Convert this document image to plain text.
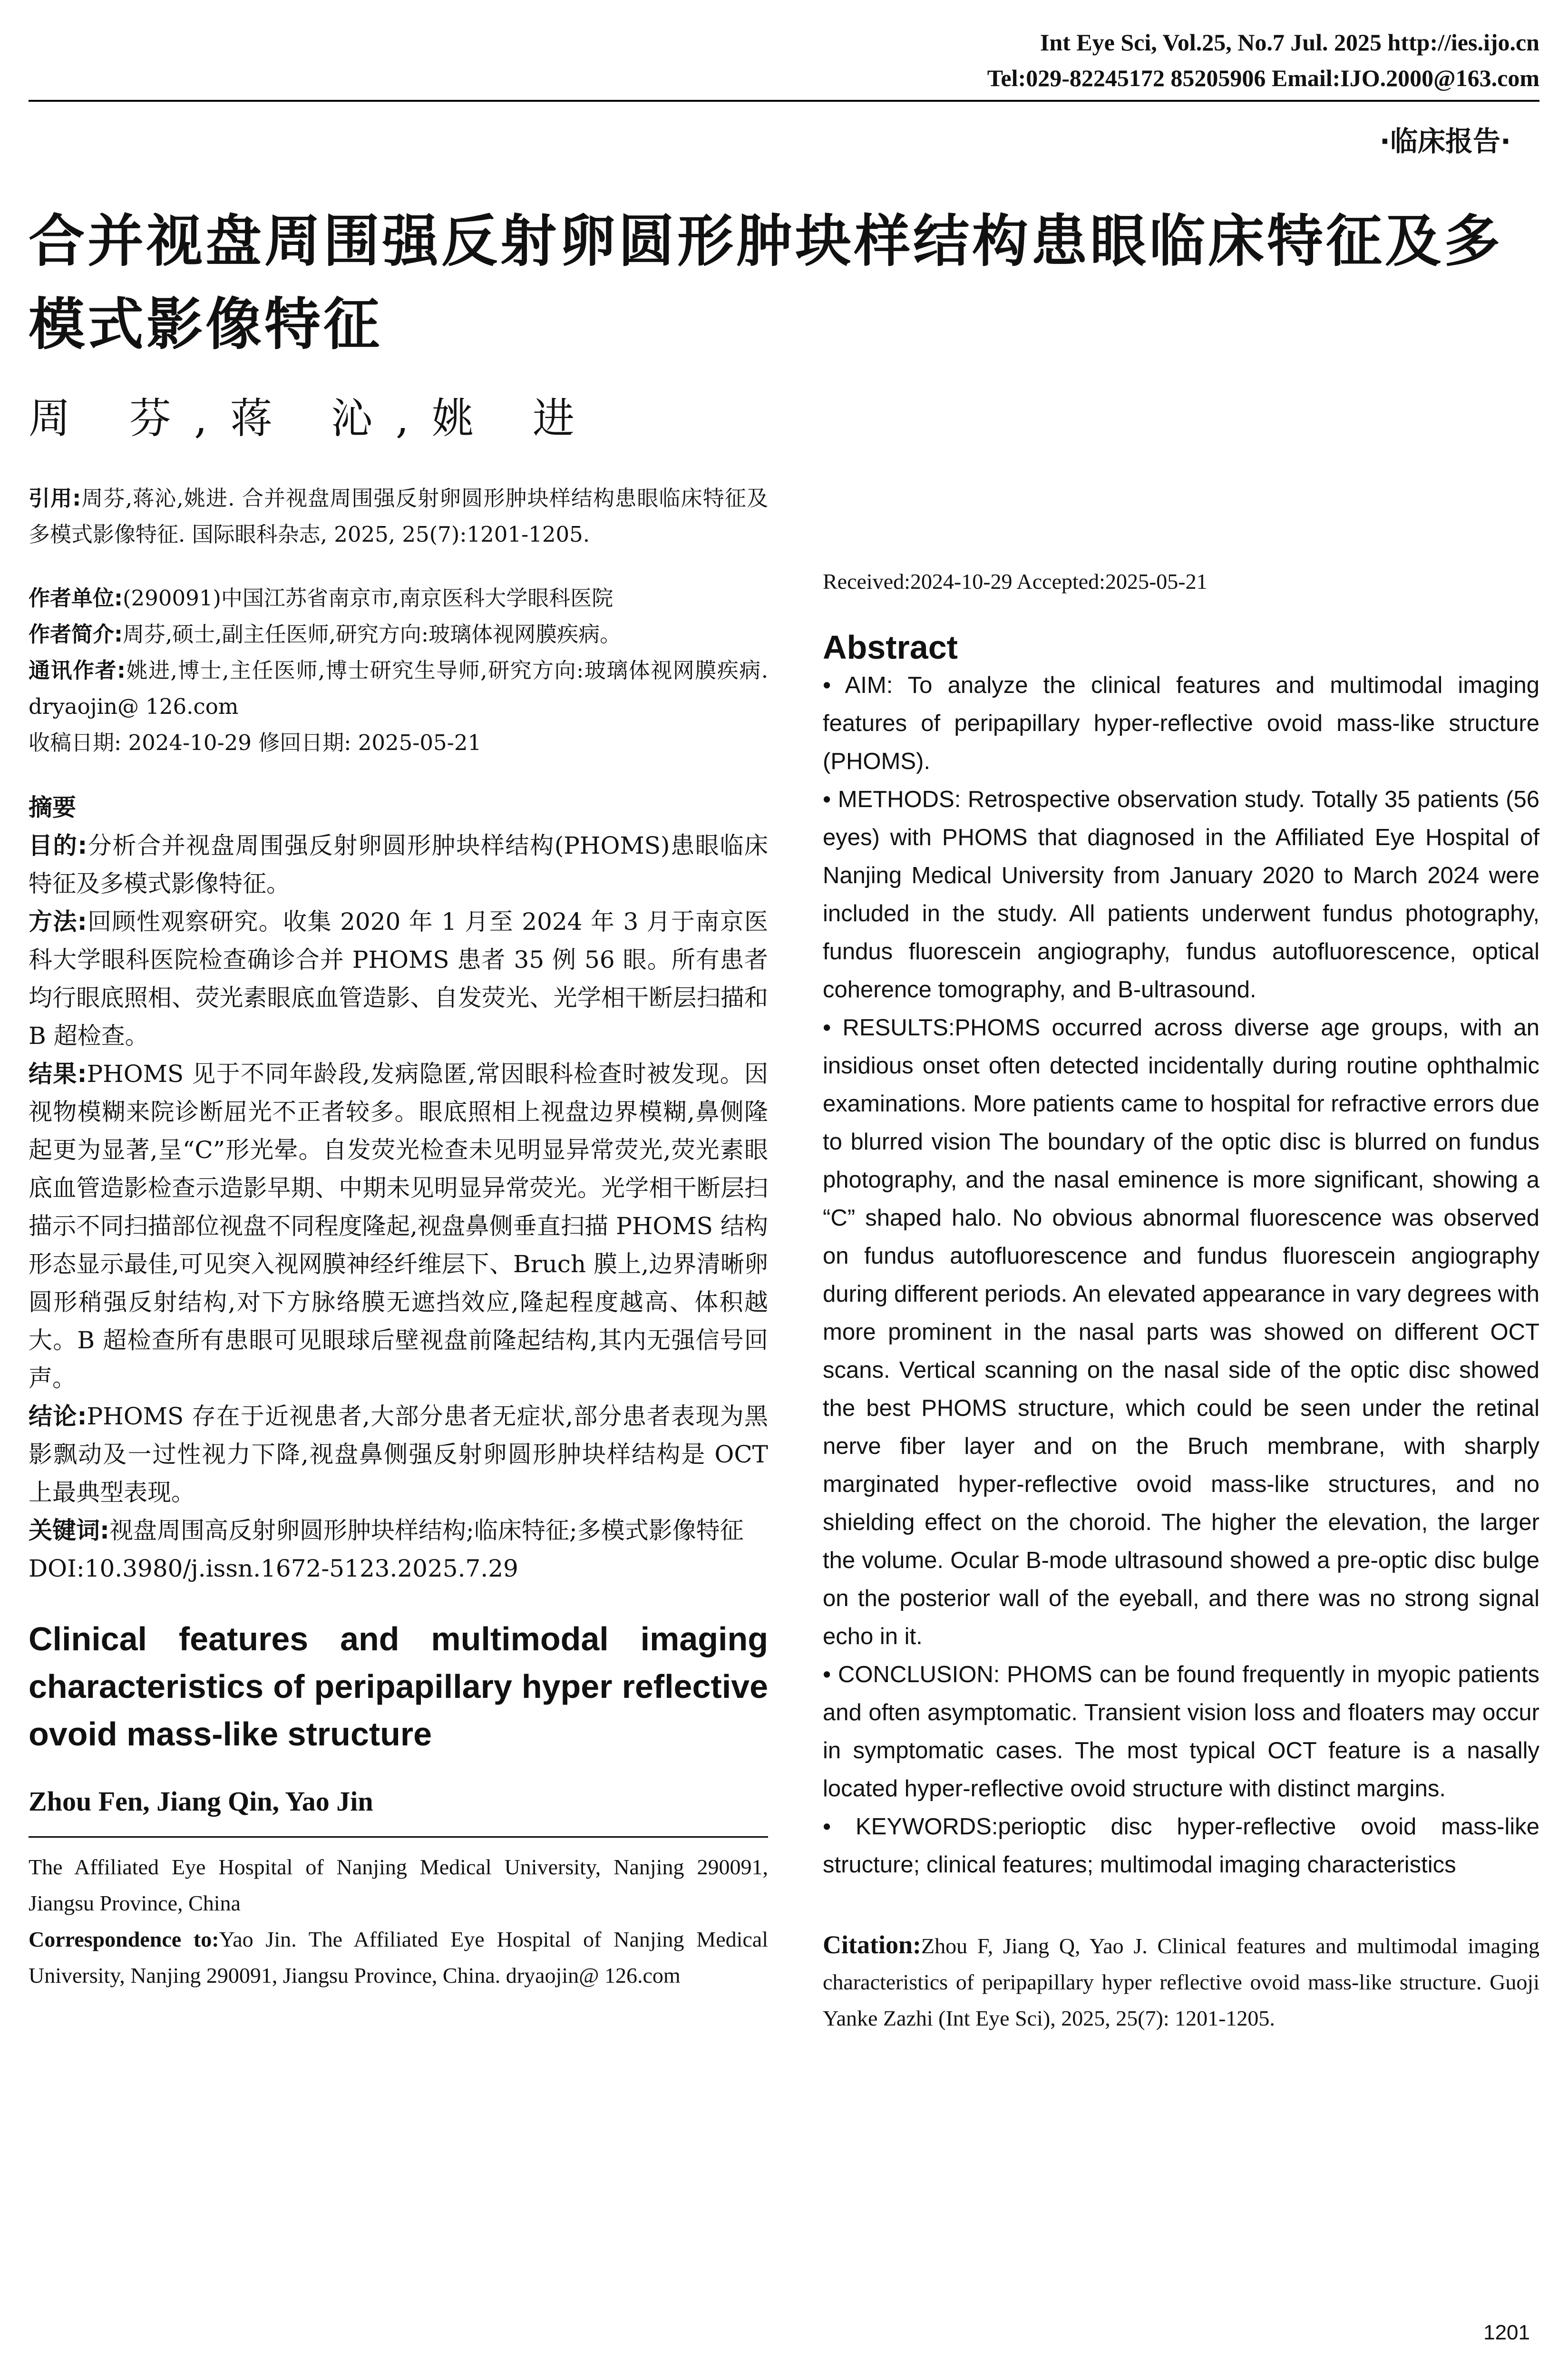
Int Eye Sci, Vol.25, No.7 Jul. 2025 http://ies.ijo.cn
Tel:029-82245172 85205906 Email:IJO.2000@163.com
·临床报告·
合并视盘周围强反射卵圆形肿块样结构患眼临床特征及多模式影像特征
周 芬,蒋 沁,姚 进

引用:周芬,蒋沁,姚进. 合并视盘周围强反射卵圆形肿块样结构患眼临床特征及多模式影像特征. 国际眼科杂志, 2025, 25(7):1201-1205.

作者单位:(290091)中国江苏省南京市,南京医科大学眼科医院

作者简介:周芬,硕士,副主任医师,研究方向:玻璃体视网膜疾病。

通讯作者:姚进,博士,主任医师,博士研究生导师,研究方向:玻璃体视网膜疾病. dryaojin@ 126.com

收稿日期: 2024-10-29 修回日期: 2025-05-21

摘要

目的:分析合并视盘周围强反射卵圆形肿块样结构(PHOMS)患眼临床特征及多模式影像特征。

方法:回顾性观察研究。收集 2020 年 1 月至 2024 年 3 月于南京医科大学眼科医院检查确诊合并 PHOMS 患者 35 例 56 眼。所有患者均行眼底照相、荧光素眼底血管造影、自发荧光、光学相干断层扫描和 B 超检查。

结果:PHOMS 见于不同年龄段,发病隐匿,常因眼科检查时被发现。因视物模糊来院诊断屈光不正者较多。眼底照相上视盘边界模糊,鼻侧隆起更为显著,呈“C”形光晕。自发荧光检查未见明显异常荧光,荧光素眼底血管造影检查示造影早期、中期未见明显异常荧光。光学相干断层扫描示不同扫描部位视盘不同程度隆起,视盘鼻侧垂直扫描 PHOMS 结构形态显示最佳,可见突入视网膜神经纤维层下、Bruch 膜上,边界清晰卵圆形稍强反射结构,对下方脉络膜无遮挡效应,隆起程度越高、体积越大。B 超检查所有患眼可见眼球后壁视盘前隆起结构,其内无强信号回声。

结论:PHOMS 存在于近视患者,大部分患者无症状,部分患者表现为黑影飘动及一过性视力下降,视盘鼻侧强反射卵圆形肿块样结构是 OCT 上最典型表现。

关键词:视盘周围高反射卵圆形肿块样结构;临床特征;多模式影像特征

DOI:10.3980/j.issn.1672-5123.2025.7.29

Clinical features and multimodal imaging characteristics of peripapillary hyper reflective ovoid mass-like structure

Zhou Fen, Jiang Qin, Yao Jin

The Affiliated Eye Hospital of Nanjing Medical University, Nanjing 290091, Jiangsu Province, China

Correspondence to:Yao Jin. The Affiliated Eye Hospital of Nanjing Medical University, Nanjing 290091, Jiangsu Province, China. dryaojin@ 126.com

Received:2024-10-29 Accepted:2025-05-21

Abstract

• AIM: To analyze the clinical features and multimodal imaging features of peripapillary hyper-reflective ovoid mass-like structure (PHOMS).

• METHODS: Retrospective observation study. Totally 35 patients (56 eyes) with PHOMS that diagnosed in the Affiliated Eye Hospital of Nanjing Medical University from January 2020 to March 2024 were included in the study. All patients underwent fundus photography, fundus fluorescein angiography, fundus autofluorescence, optical coherence tomography, and B-ultrasound.

• RESULTS:PHOMS occurred across diverse age groups, with an insidious onset often detected incidentally during routine ophthalmic examinations. More patients came to hospital for refractive errors due to blurred vision The boundary of the optic disc is blurred on fundus photography, and the nasal eminence is more significant, showing a “C” shaped halo. No obvious abnormal fluorescence was observed on fundus autofluorescence and fundus fluorescein angiography during different periods. An elevated appearance in vary degrees with more prominent in the nasal parts was showed on different OCT scans. Vertical scanning on the nasal side of the optic disc showed the best PHOMS structure, which could be seen under the retinal nerve fiber layer and on the Bruch membrane, with sharply marginated hyper-reflective ovoid mass-like structures, and no shielding effect on the choroid. The higher the elevation, the larger the volume. Ocular B-mode ultrasound showed a pre-optic disc bulge on the posterior wall of the eyeball, and there was no strong signal echo in it.

• CONCLUSION: PHOMS can be found frequently in myopic patients and often asymptomatic. Transient vision loss and floaters may occur in symptomatic cases. The most typical OCT feature is a nasally located hyper-reflective ovoid structure with distinct margins.

• KEYWORDS:perioptic disc hyper-reflective ovoid mass-like structure; clinical features; multimodal imaging characteristics

Citation:Zhou F, Jiang Q, Yao J. Clinical features and multimodal imaging characteristics of peripapillary hyper reflective ovoid mass-like structure. Guoji Yanke Zazhi (Int Eye Sci), 2025, 25(7): 1201-1205.

1201
